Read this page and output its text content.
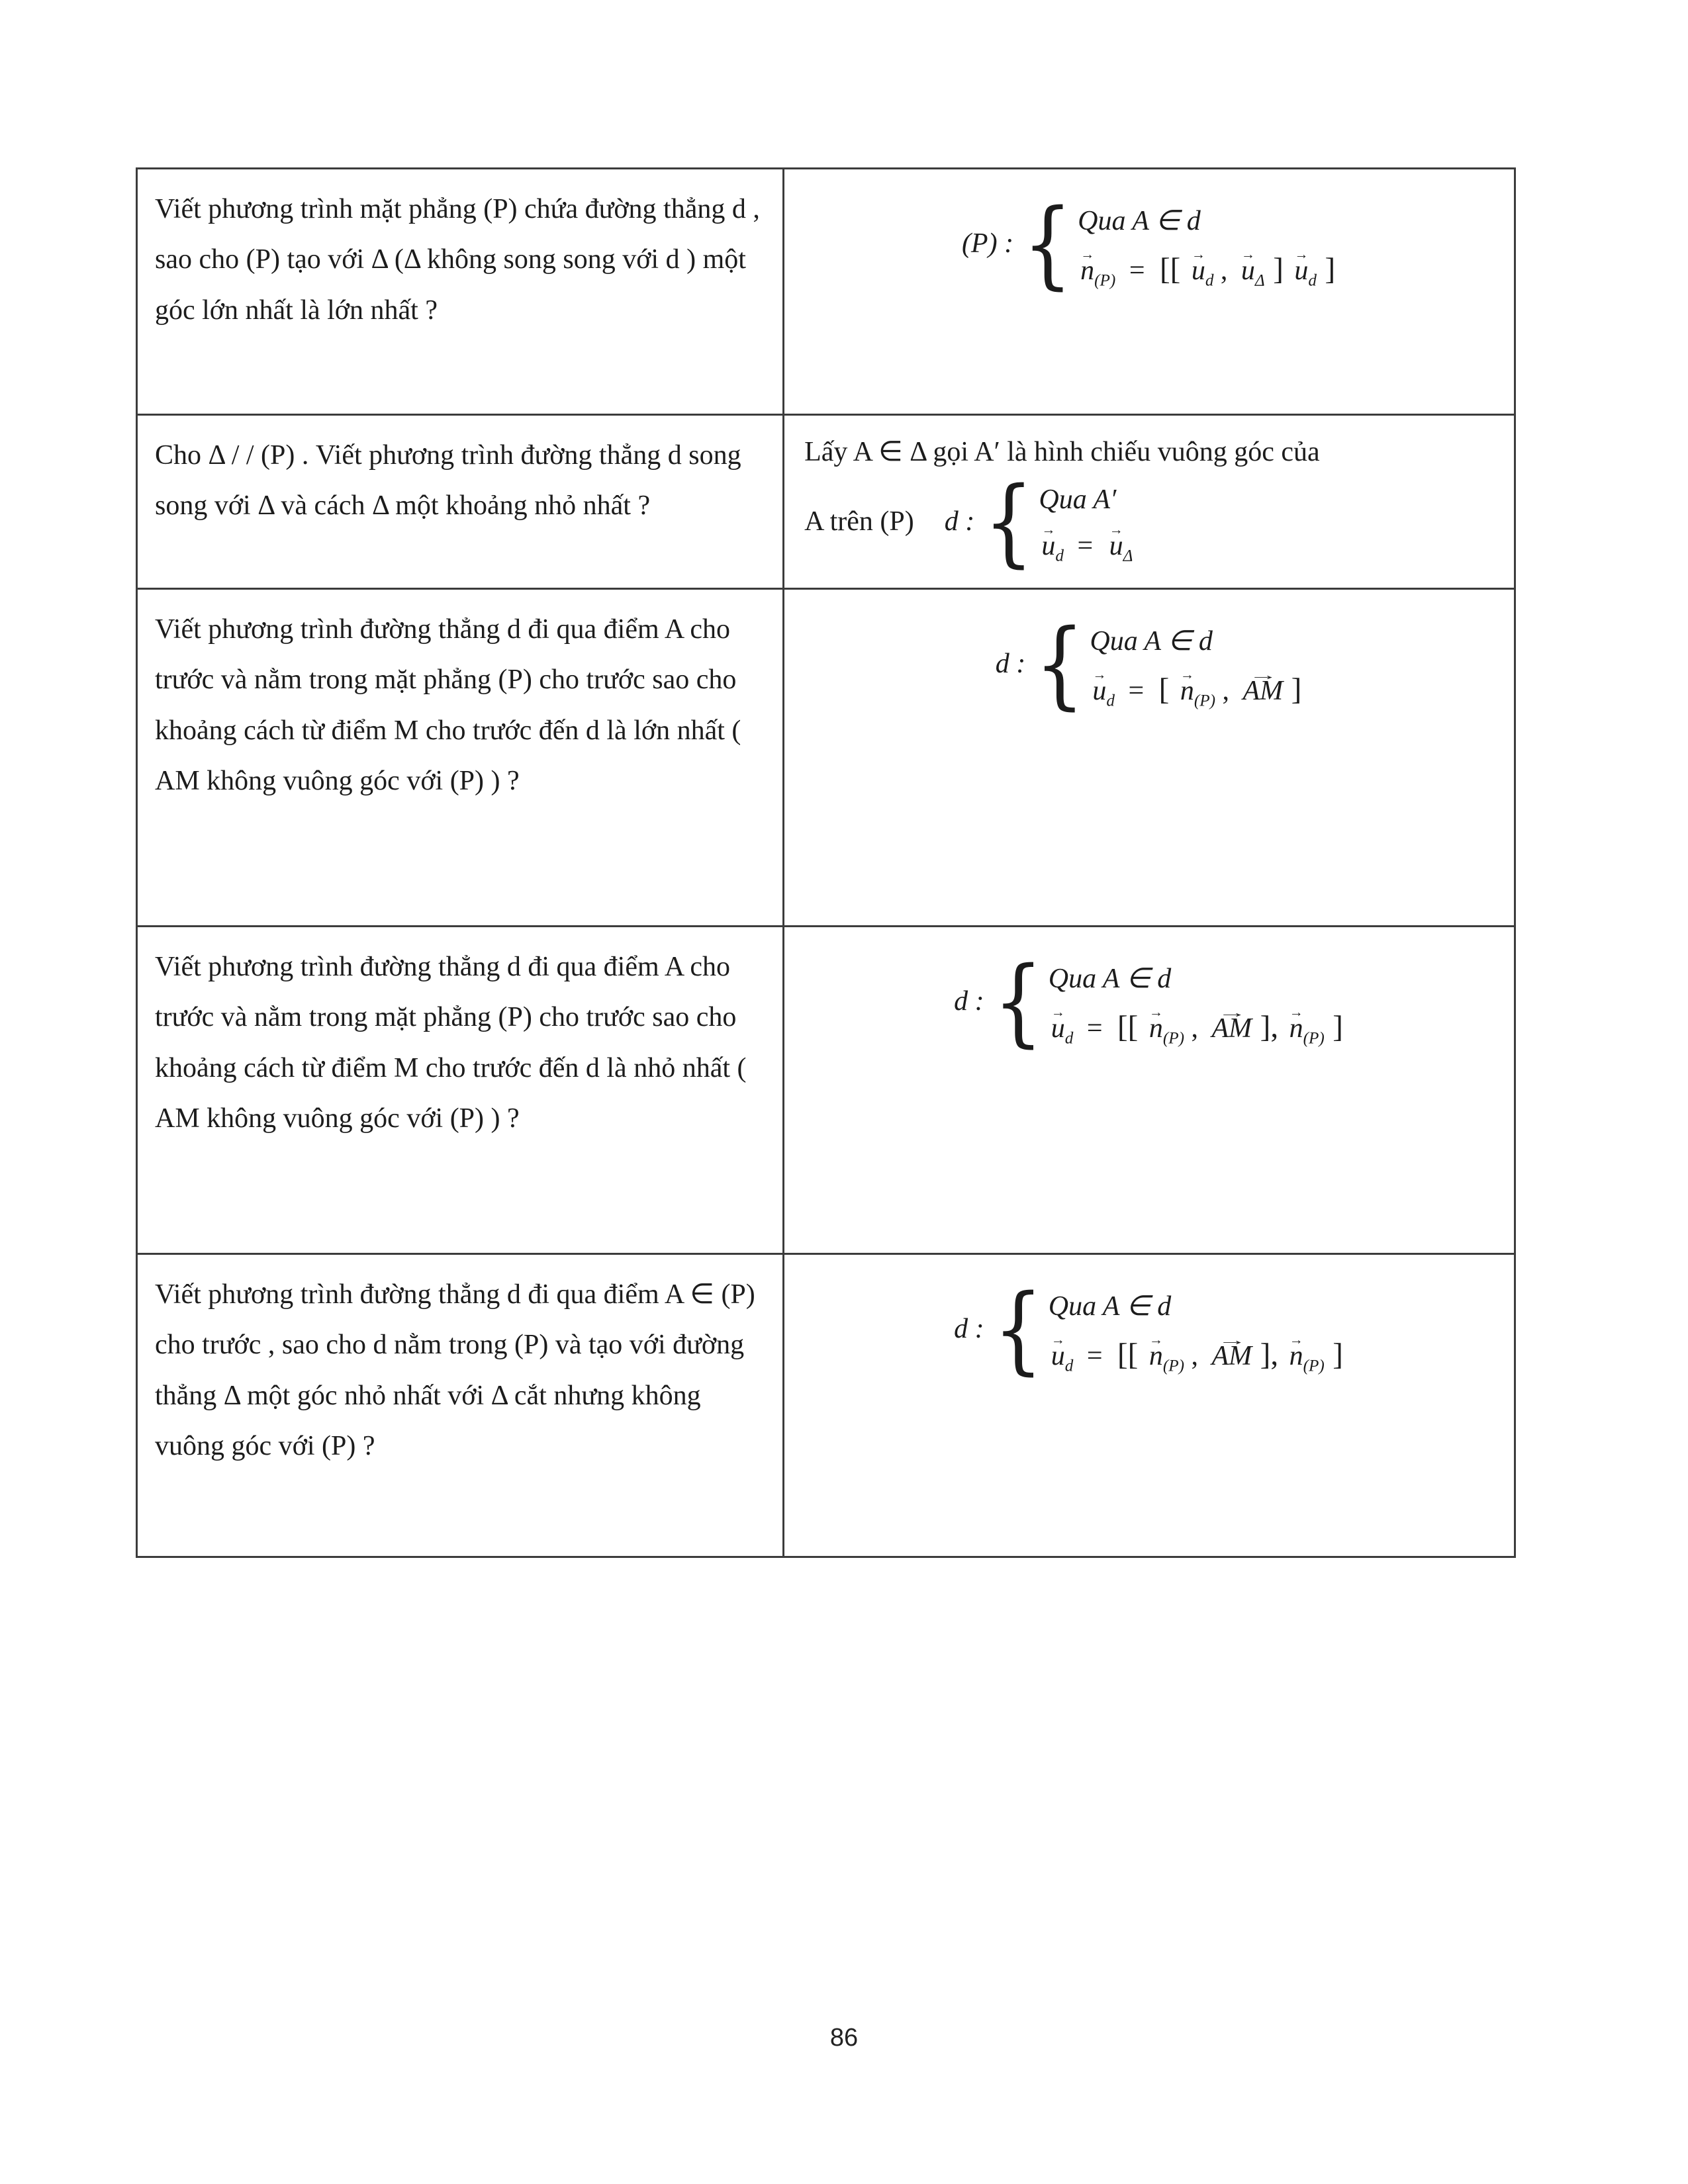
Viết phương trình mặt phẳng (P) chứa đường thẳng d , sao cho (P) tạo với Δ (Δ không song song với d ) một góc lớn nhất là lớn nhất ?
(P) : { Qua A ∈ d
$n \to_{(P)}$ = [[ $u \to_d$ , $u \to_\Delta$ ] $u \to_d$ ]
Cho Δ / / (P) . Viết phương trình đường thẳng d song song với Δ và cách Δ một khoảng nhỏ nhất ?
Lấy A ∈ Δ gọi A′ là hình chiếu vuông góc của
A trên (P) d : { Qua A′
$u \to_d = u \to_\Delta$
Viết phương trình đường thẳng d đi qua điểm A cho trước và nằm trong mặt phẳng (P) cho trước sao cho khoảng cách từ điểm M cho trước đến d là lớn nhất ( AM không vuông góc với (P) ) ?
d : { Qua A ∈ d
$u \to_d$ = [ $n \to_{(P)}$ , AM → ]
Viết phương trình đường thẳng d đi qua điểm A cho trước và nằm trong mặt phẳng (P) cho trước sao cho khoảng cách từ điểm M cho trước đến d là nhỏ nhất ( AM không vuông góc với (P) ) ?
d : { Qua A ∈ d
$u \to_d$ = [[ $n \to_{(P)}$ , AM → ], $n \to_{(P)}$ ]
Viết phương trình đường thẳng d đi qua điểm A ∈ (P) cho trước , sao cho d nằm trong (P) và tạo với đường thẳng Δ một góc nhỏ nhất với Δ cắt nhưng không vuông góc với (P) ?
d : { Qua A ∈ d
$u \to_d$ = [[ $n \to_{(P)}$ , AM → ], $n \to_{(P)}$ ]
86
